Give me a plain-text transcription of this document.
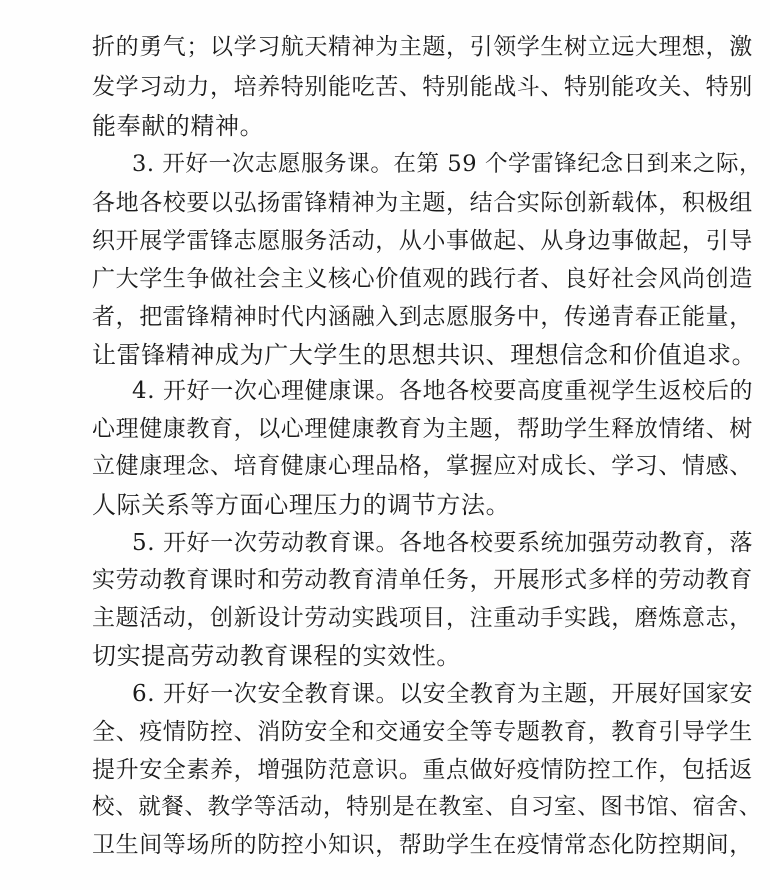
折的勇气；以学习航天精神为主题，引领学生树立远大理想，激
发学习动力，培养特别能吃苦、特别能战斗、特别能攻关、特别
能奉献的精神。
3. 开好一次志愿服务课。在第 59 个学雷锋纪念日到来之际，
各地各校要以弘扬雷锋精神为主题，结合实际创新载体，积极组
织开展学雷锋志愿服务活动，从小事做起、从身边事做起，引导
广大学生争做社会主义核心价值观的践行者、良好社会风尚创造
者，把雷锋精神时代内涵融入到志愿服务中，传递青春正能量，
让雷锋精神成为广大学生的思想共识、理想信念和价值追求。
4. 开好一次心理健康课。各地各校要高度重视学生返校后的
心理健康教育，以心理健康教育为主题，帮助学生释放情绪、树
立健康理念、培育健康心理品格，掌握应对成长、学习、情感、
人际关系等方面心理压力的调节方法。
5. 开好一次劳动教育课。各地各校要系统加强劳动教育，落
实劳动教育课时和劳动教育清单任务，开展形式多样的劳动教育
主题活动，创新设计劳动实践项目，注重动手实践，磨炼意志，
切实提高劳动教育课程的实效性。
6. 开好一次安全教育课。以安全教育为主题，开展好国家安
全、疫情防控、消防安全和交通安全等专题教育，教育引导学生
提升安全素养，增强防范意识。重点做好疫情防控工作，包括返
校、就餐、教学等活动，特别是在教室、自习室、图书馆、宿舍、
卫生间等场所的防控小知识，帮助学生在疫情常态化防控期间，
